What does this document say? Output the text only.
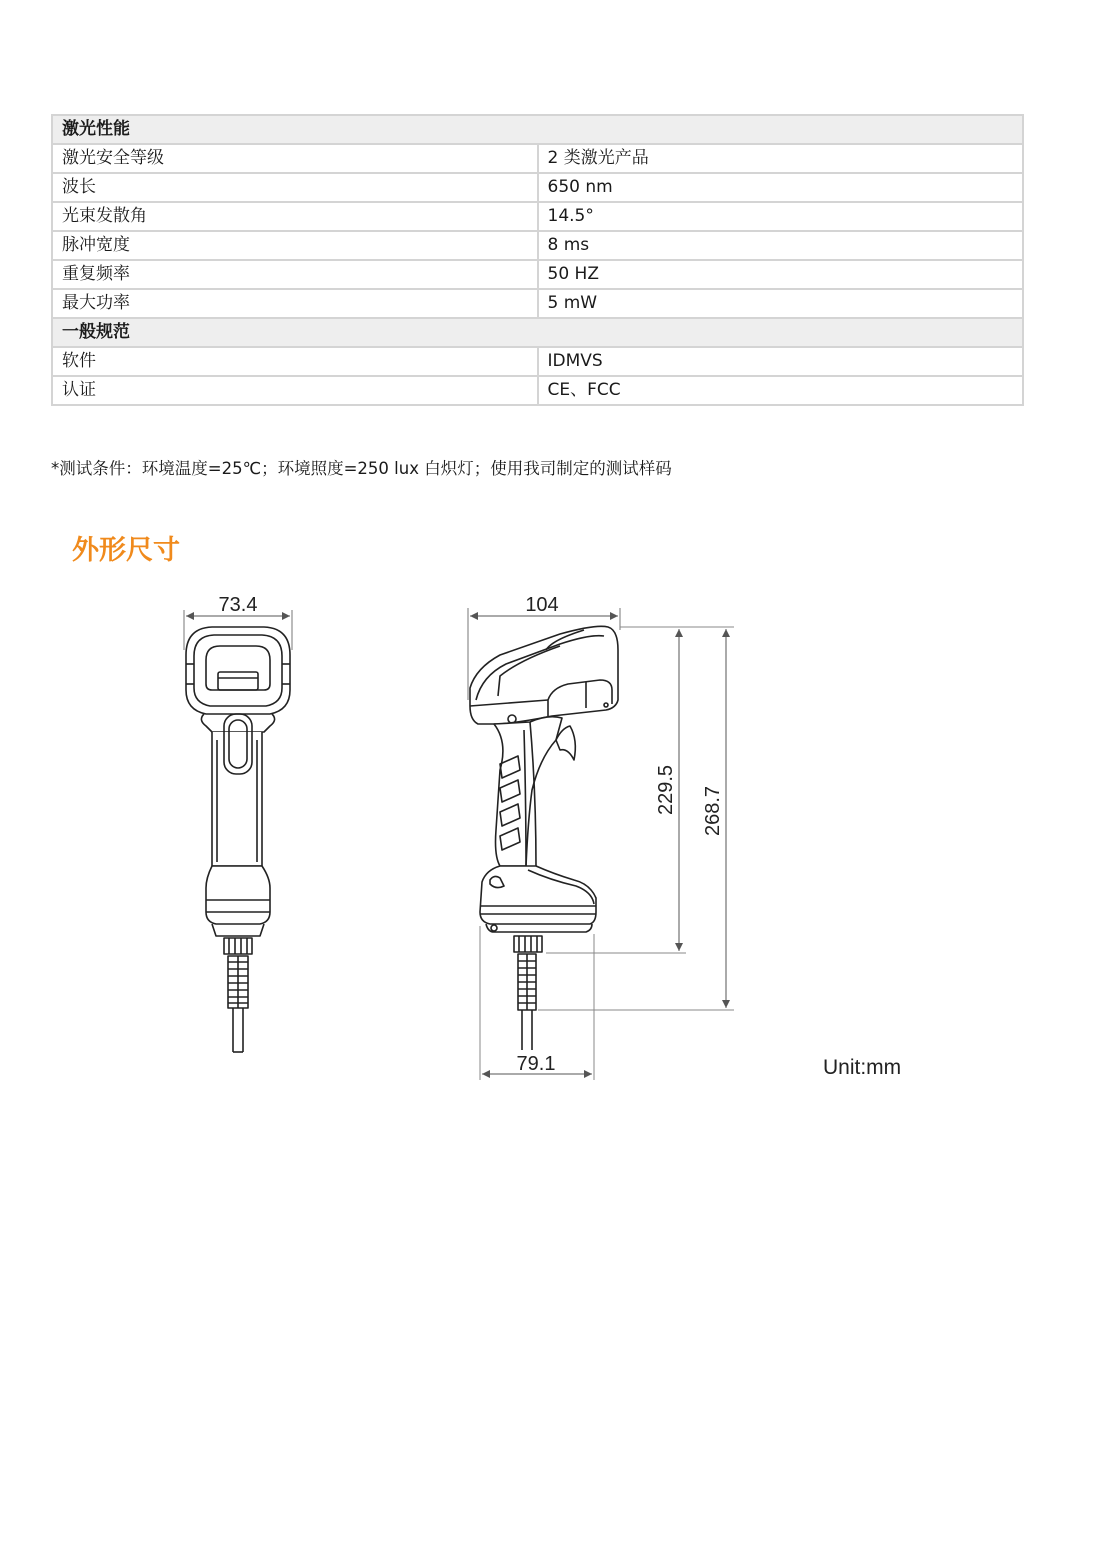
激光性能	
激光安全等级	2 类激光产品
波长	650 nm
光束发散角	14.5°
脉冲宽度	8 ms
重复频率	50 HZ
最大功率	5 mW
一般规范	
软件	IDMVS
认证	CE、FCC
*测试条件：环境温度=25℃；环境照度=250 lux 白炽灯；使用我司制定的测试样码
外形尺寸
73.4	104
229.5 268.7
79.1	Unit:mm
